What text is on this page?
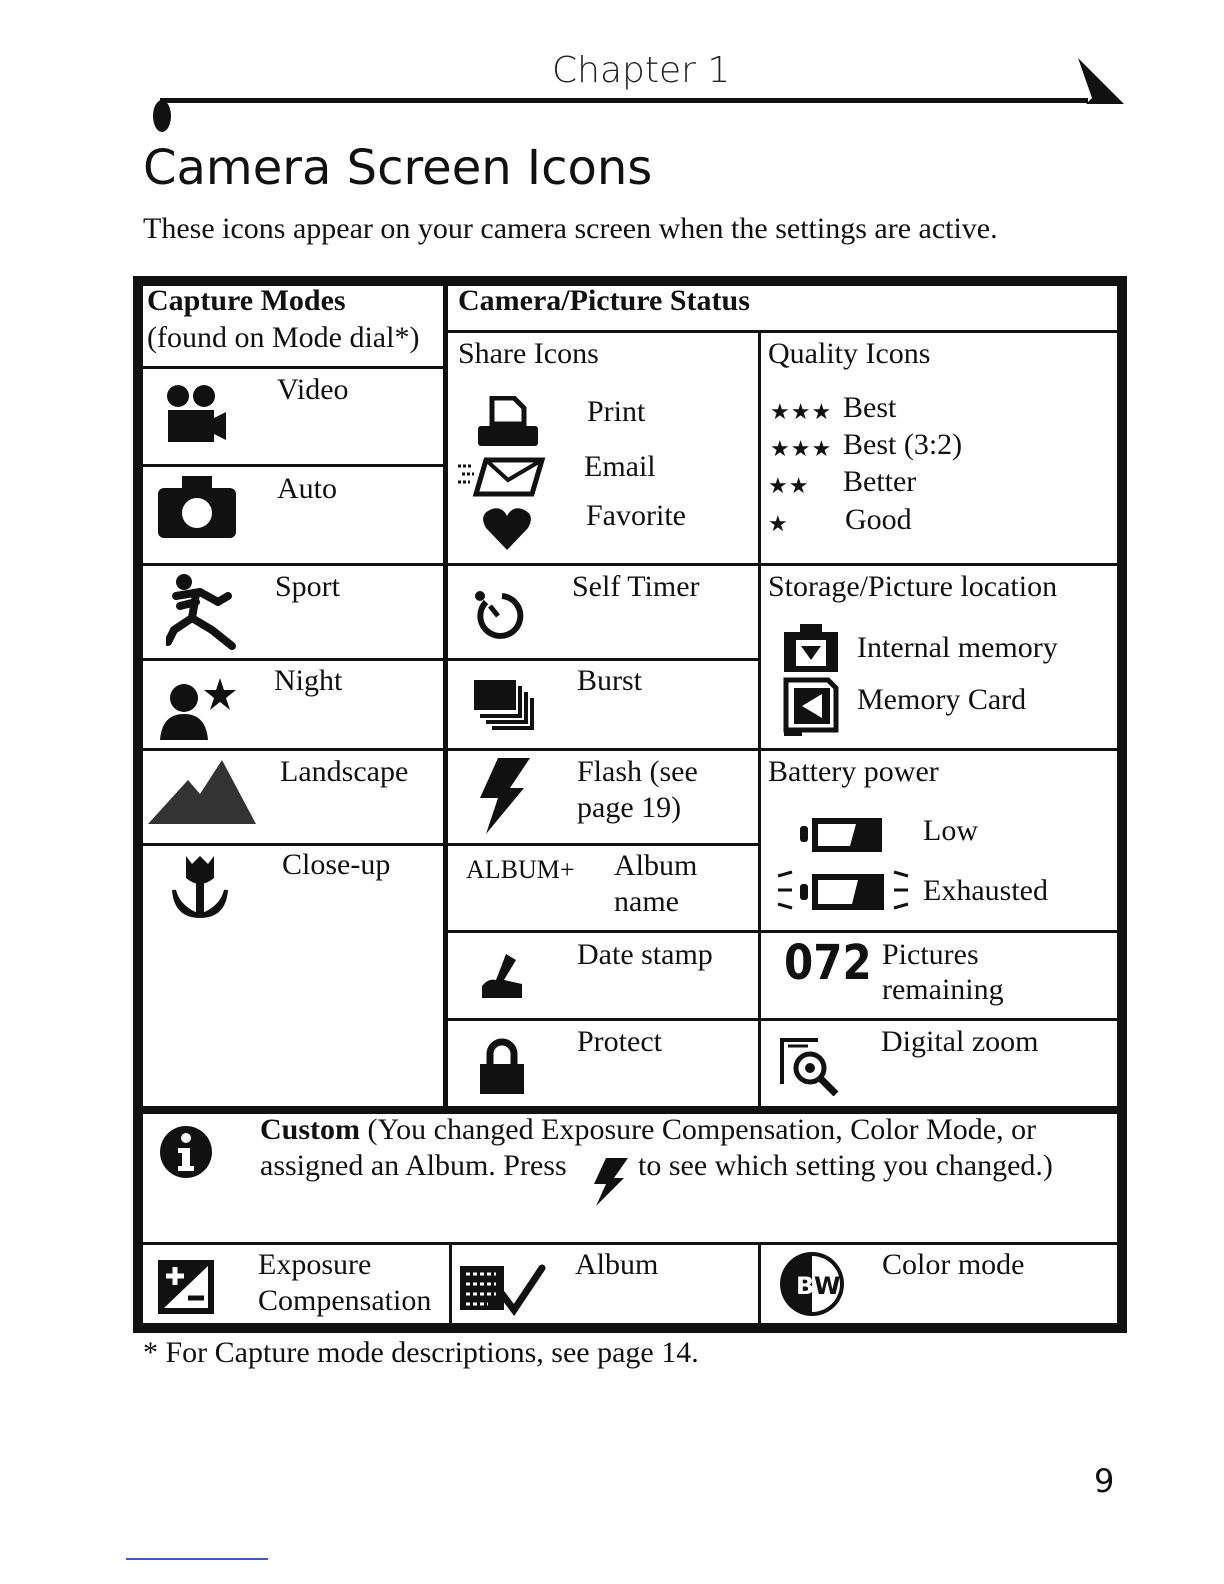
Chapter 1
Camera Screen Icons
These icons appear on your camera screen when the settings are active.
Capture Modes
(found on Mode dial*)
Video
Auto
Sport
Night
Landscape
Close-up
Camera/Picture Status
Share Icons
Print
Email
Favorite
Quality Icons
★★★ Best
★★★ Best (3:2)
★★ Better
★ Good
Self Timer
Burst
Flash (see
page 19)
ALBUM+ Album
name
Date stamp
Protect
Storage/Picture location
Internal memory
Memory Card
Battery power
Low
Exhausted
072 Pictures
remaining
Digital zoom
Custom (You changed Exposure Compensation, Color Mode, or
assigned an Album. Press to see which setting you changed.)
Exposure
Compensation
Album
B W
Color mode
* For Capture mode descriptions, see page 14.
9
